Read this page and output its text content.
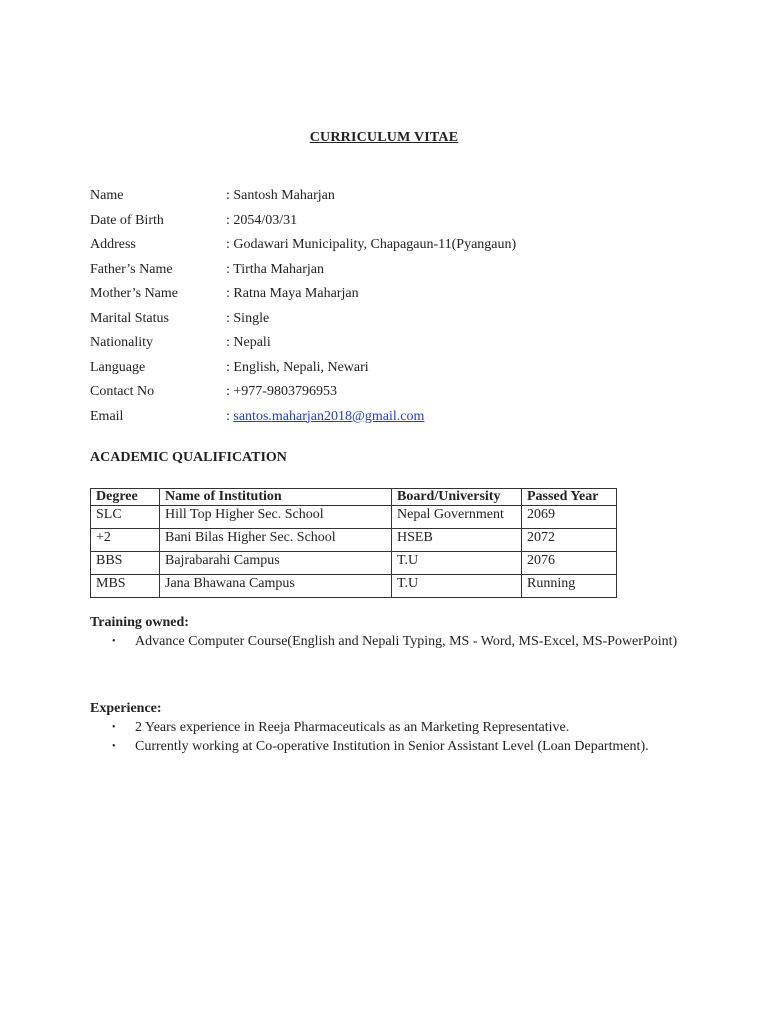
CURRICULUM VITAE
Name	: Santosh Maharjan
Date of Birth	: 2054/03/31
Address	: Godawari Municipality, Chapagaun-11(Pyangaun)
Father’s Name	: Tirtha Maharjan
Mother’s Name	: Ratna Maya Maharjan
Marital Status	: Single
Nationality	: Nepali
Language	: English, Nepali, Newari
Contact No	: +977-9803796953
Email	: santos.maharjan2018@gmail.com
ACADEMIC QUALIFICATION
Degree	Name of Institution	Board/University	Passed Year
SLC	Hill Top Higher Sec. School	Nepal Government	2069
+2	Bani Bilas Higher Sec. School	HSEB	2072
BBS	Bajrabarahi Campus	T.U	2076
MBS	Jana Bhawana Campus	T.U	Running
Training owned:
• Advance Computer Course(English and Nepali Typing, MS - Word, MS-Excel, MS-PowerPoint)
Experience:
• 2 Years experience in Reeja Pharmaceuticals as an Marketing Representative.
• Currently working at Co-operative Institution in Senior Assistant Level (Loan Department).
